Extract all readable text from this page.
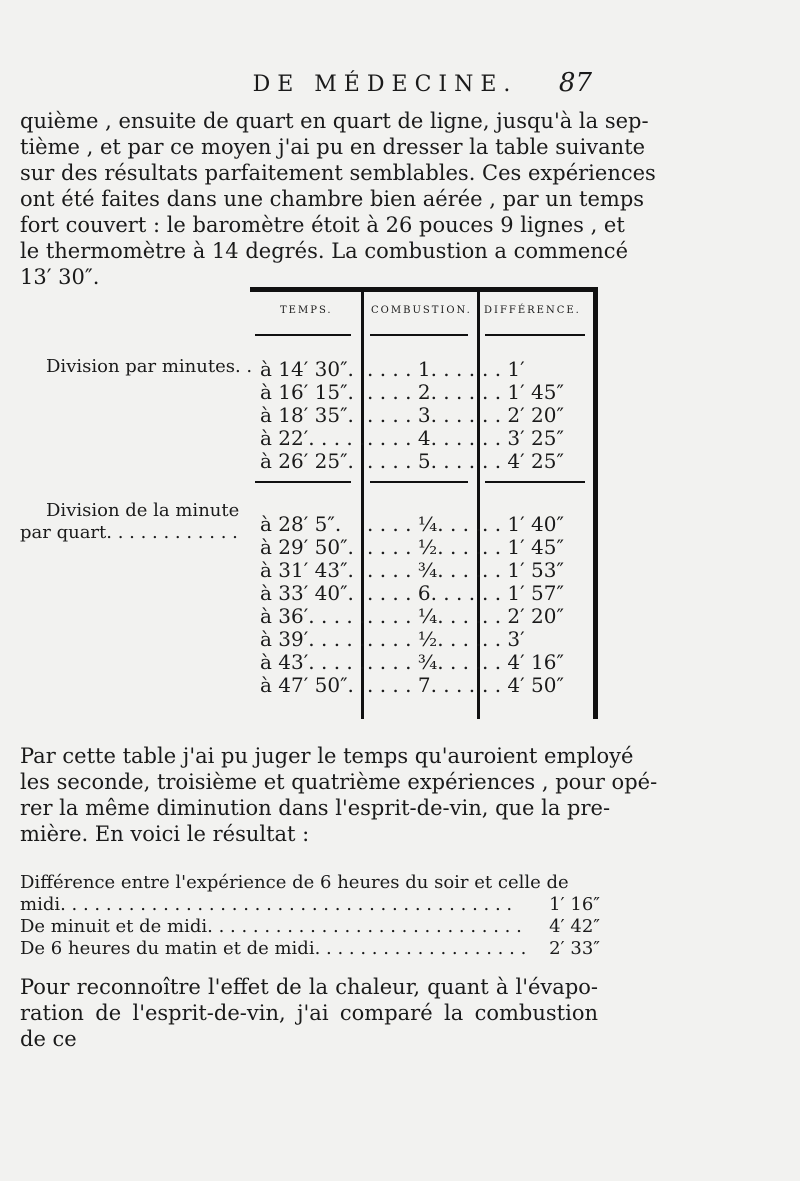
DE MÉDECINE.	87
quième , ensuite de quart en quart de ligne, jusqu'à la sep-
tième , et par ce moyen j'ai pu en dresser la table suivante
sur des résultats parfaitement semblables. Ces expériences
ont été faites dans une chambre bien aérée , par un temps
fort couvert : le baromètre étoit à 26 pouces 9 lignes , et
le thermomètre à 14 degrés. La combustion a commencé
13′ 30″.
Division par minutes. .
Division de la minute
par quart. . . . . . . . . . . .
TEMPS.	COMBUSTION. DIFFÉRENCE.
à 14′ 30″. . . . . 1. . . . . . 1′
à 16′ 15″. . . . . 2. . . . . . 1′ 45″
à 18′ 35″. . . . . 3. . . . . . 2′ 20″
à 22′. . . . . . . . . 4. . . . . . 3′ 25″
à 26′ 25″. . . . . 5. . . . . . 4′ 25″
à 28′ 5″. . . . . ¼. . . . . . 1′ 40″
à 29′ 50″. . . . . ½. . . . . . 1′ 45″
à 31′ 43″. . . . . ¾. . . . . . 1′ 53″
à 33′ 40″. . . . . 6. . . . . . 1′ 57″
à 36′. . . . . . . . . ¼. . . . . . 2′ 20″
à 39′. . . . . . . . . ½. . . . . . 3′
à 43′. . . . . . . . . ¾. . . . . . 4′ 16″
à 47′ 50″. . . . . 7. . . . . . 4′ 50″
Par cette table j'ai pu juger le temps qu'auroient employé
les seconde, troisième et quatrième expériences , pour opé-
rer la même diminution dans l'esprit-de-vin, que la pre-
mière. En voici le résultat :
Différence entre l'expérience de 6 heures du soir et celle de
midi. . . . . . . . . . . . . . . . . . . . . . . . . . . . . . . . . . . . . . . . 1′ 16″
De minuit et de midi. . . . . . . . . . . . . . . . . . . . . . . . . . . . 4′ 42″
De 6 heures du matin et de midi. . . . . . . . . . . . . . . . . . . 2′ 33″
Pour reconnoître l'effet de la chaleur, quant à l'évapo- ration de l'esprit-de-vin, j'ai comparé la combustion de ce
